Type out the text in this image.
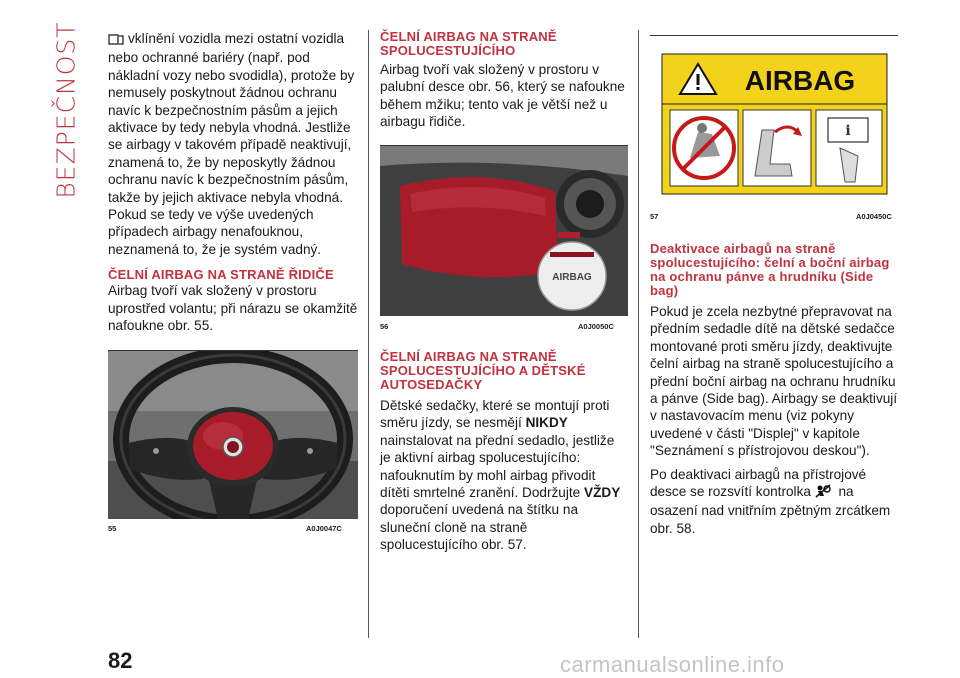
BEZPEČNOST	vklínění vozidla mezi ostatní vozidla nebo ochranné bariéry (např. pod nákladní vozy nebo svodidla), protože by nemusely poskytnout žádnou ochranu navíc k bezpečnostním pásům a jejich aktivace by tedy nebyla vhodná. Jestliže se airbagy v takovém případě neaktivují, znamená to, že by neposkytly žádnou ochranu navíc k bezpečnostním pásům, takže by jejich aktivace nebyla vhodná. Pokud se tedy ve výše uvedených případech airbagy nenafouknou, neznamená to, že je systém vadný.

ČELNÍ AIRBAG NA STRANĚ ŘIDIČE

Airbag tvoří vak složený v prostoru uprostřed volantu; při nárazu se okamžitě nafoukne obr. 55.

55	A0J0047C
ČELNÍ AIRBAG NA STRANĚ SPOLUCESTUJÍCÍHO

Airbag tvoří vak složený v prostoru v palubní desce obr. 56, který se nafoukne během mžiku; tento vak je větší než u airbagu řidiče.

AIRBAG
56	A0J0050C
ČELNÍ AIRBAG NA STRANĚ SPOLUCESTUJÍCÍHO A DĚTSKÉ AUTOSEDAČKY

Dětské sedačky, které se montují proti směru jízdy, se nesmějí NIKDY nainstalovat na přední sedadlo, jestliže je aktivní airbag spolucestujícího: nafouknutím by mohl airbag přivodit dítěti smrtelné zranění. Dodržujte VŽDY doporučení uvedená na štítku na sluneční cloně na straně spolucestujícího obr. 57.

AIRBAG
i
57	A0J0450C
Deaktivace airbagů na straně spolucestujícího: čelní a boční airbag na ochranu pánve a hrudníku (Side bag)

Pokud je zcela nezbytné přepravovat na předním sedadle dítě na dětské sedačce montované proti směru jízdy, deaktivujte čelní airbag na straně spolucestujícího a přední boční airbag na ochranu hrudníku a pánve (Side bag). Airbagy se deaktivují v nastavovacím menu (viz pokyny uvedené v části "Displej" v kapitole "Seznámení s přístrojovou deskou").

Po deaktivaci airbagů na přístrojové desce se rozsvítí kontrolka  na osazení nad vnitřním zpětným zrcátkem obr. 58.

82	carmanualsonline.info
